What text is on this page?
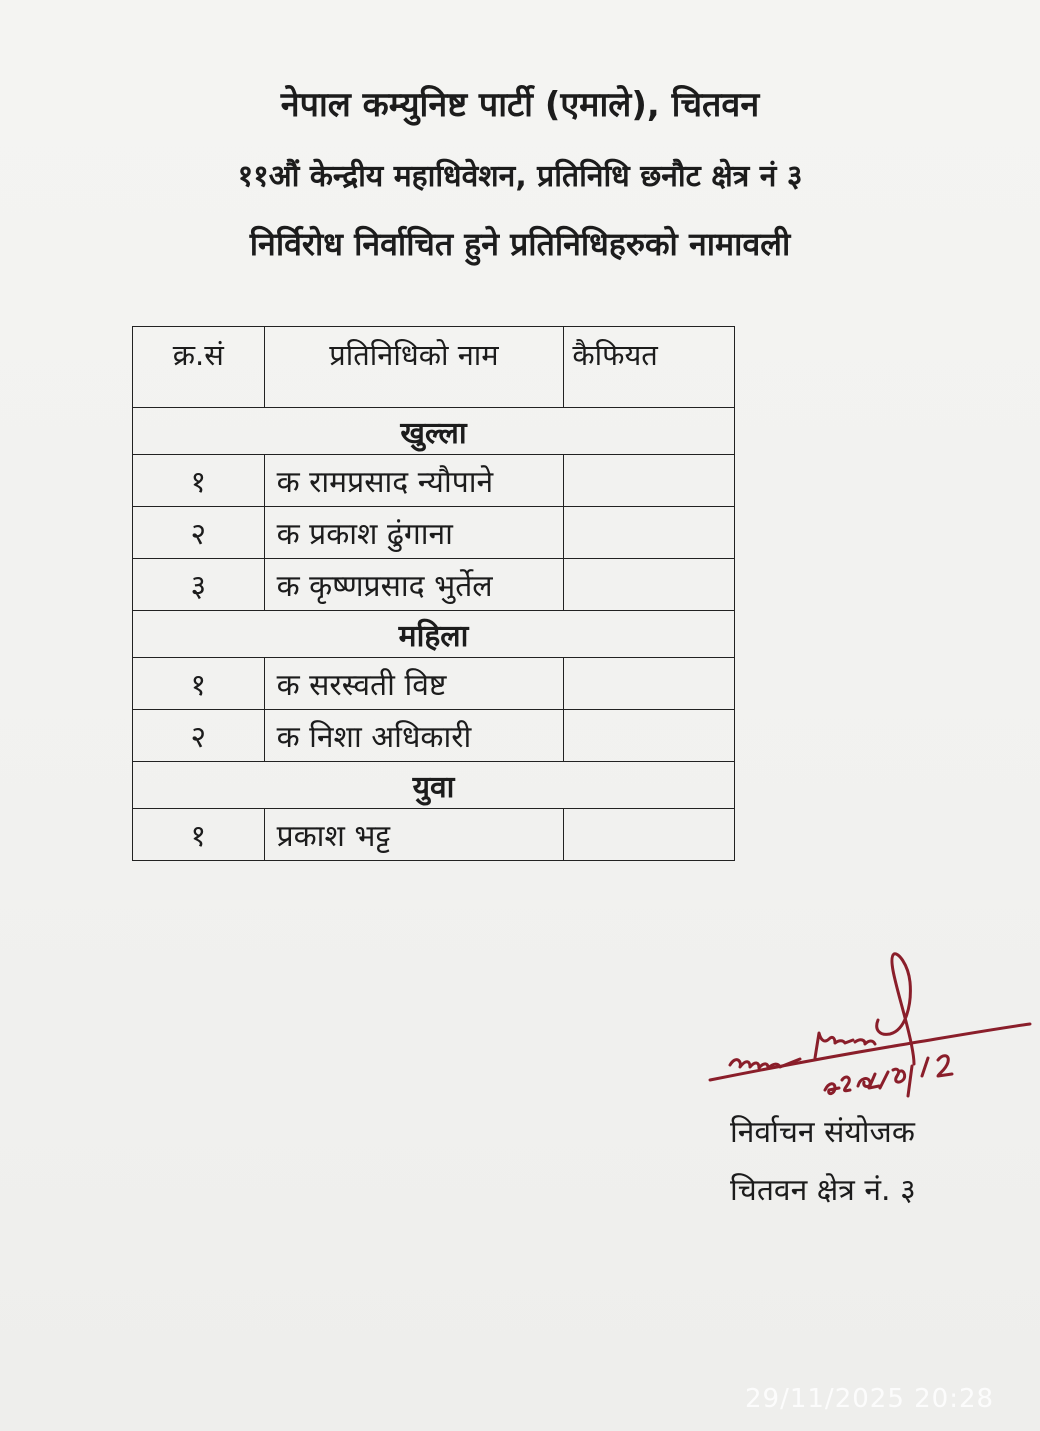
नेपाल कम्युनिष्ट पार्टी (एमाले), चितवन
११औं केन्द्रीय महाधिवेशन, प्रतिनिधि छनौट क्षेत्र नं ३
निर्विरोध निर्वाचित हुने प्रतिनिधिहरुको नामावली
क्र.सं	प्रतिनिधिको नाम	कैफियत
खुल्ला		
१	क रामप्रसाद न्यौपाने	
२	क प्रकाश ढुंगाना	
३	क कृष्णप्रसाद भुर्तेल	
महिला		
१	क सरस्वती विष्ट	
२	क निशा अधिकारी	
युवा		
१	प्रकाश भट्ट	
निर्वाचन संयोजक
चितवन क्षेत्र नं. ३
29/11/2025 20:28
